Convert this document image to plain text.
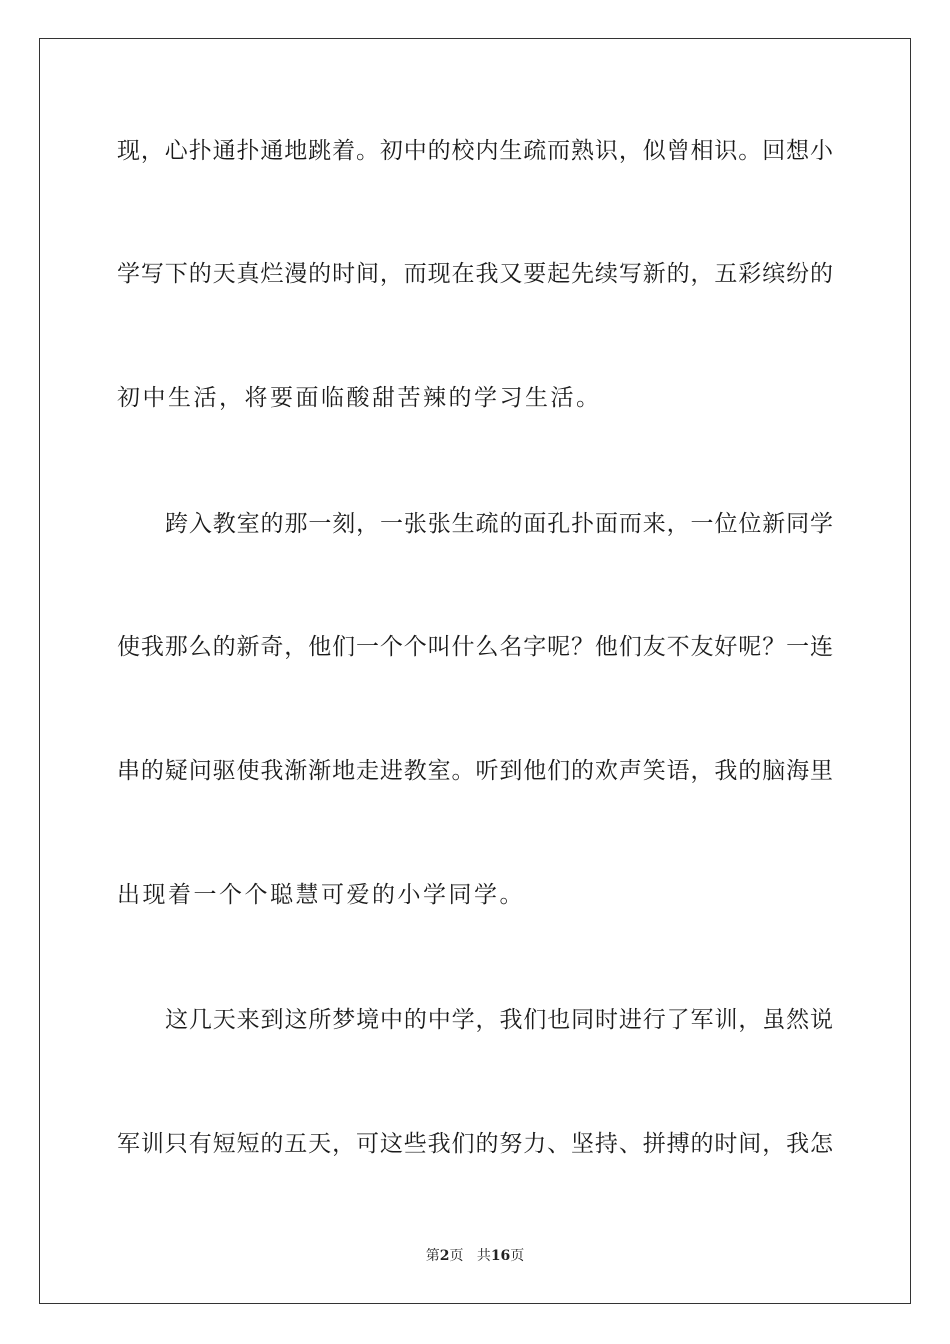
现，心扑通扑通地跳着。初中的校内生疏而熟识，似曾相识。回想小
学写下的天真烂漫的时间，而现在我又要起先续写新的，五彩缤纷的
初中生活，将要面临酸甜苦辣的学习生活。
跨入教室的那一刻，一张张生疏的面孔扑面而来，一位位新同学
使我那么的新奇，他们一个个叫什么名字呢？他们友不友好呢？一连
串的疑问驱使我渐渐地走进教室。听到他们的欢声笑语，我的脑海里
出现着一个个聪慧可爱的小学同学。
这几天来到这所梦境中的中学，我们也同时进行了军训，虽然说
军训只有短短的五天，可这些我们的努力、坚持、拼搏的时间，我怎
第2页 共16页
